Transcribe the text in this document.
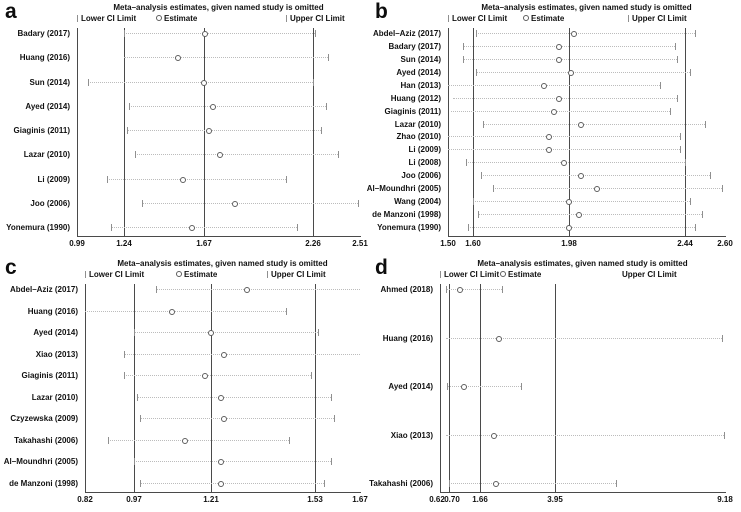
a	Meta–analysis estimates, given named study is omitted
Lower CI Limit	Estimate	Upper CI Limit
0.99	1.24	1.67	2.26	2.51
Badary (2017)
Huang (2016)
Sun (2014)
Ayed (2014)
Giaginis (2011)
Lazar (2010)
Li (2009)
Joo (2006)
Yonemura (1990)
b	Meta–analysis estimates, given named study is omitted
Lower CI Limit	Estimate	Upper CI Limit
1.50	1.60	1.98	2.44	2.60
Abdel–Aziz (2017)
Badary (2017)
Sun (2014)
Ayed (2014)
Han (2013)
Huang (2012)
Giaginis (2011)
Lazar (2010)
Zhao (2010)
Li (2009)
Li (2008)
Joo (2006)
Al–Moundhri (2005)
Wang (2004)
de Manzoni (1998)
Yonemura (1990)
c	Meta–analysis estimates, given named study is omitted
Lower CI Limit	Estimate	Upper CI Limit
0.82	0.97	1.21	1.53	1.67
Abdel–Aziz (2017)
Huang (2016)
Ayed (2014)
Xiao (2013)
Giaginis (2011)
Lazar (2010)
Czyzewska (2009)
Takahashi (2006)
Al–Moundhri (2005)
de Manzoni (1998)
d	Meta–analysis estimates, given named study is omitted
Lower CI Limit	Estimate	Upper CI Limit
0.62 0.70	1.66	3.95	9.18
Ahmed (2018)
Huang (2016)
Ayed (2014)
Xiao (2013)
Takahashi (2006)
